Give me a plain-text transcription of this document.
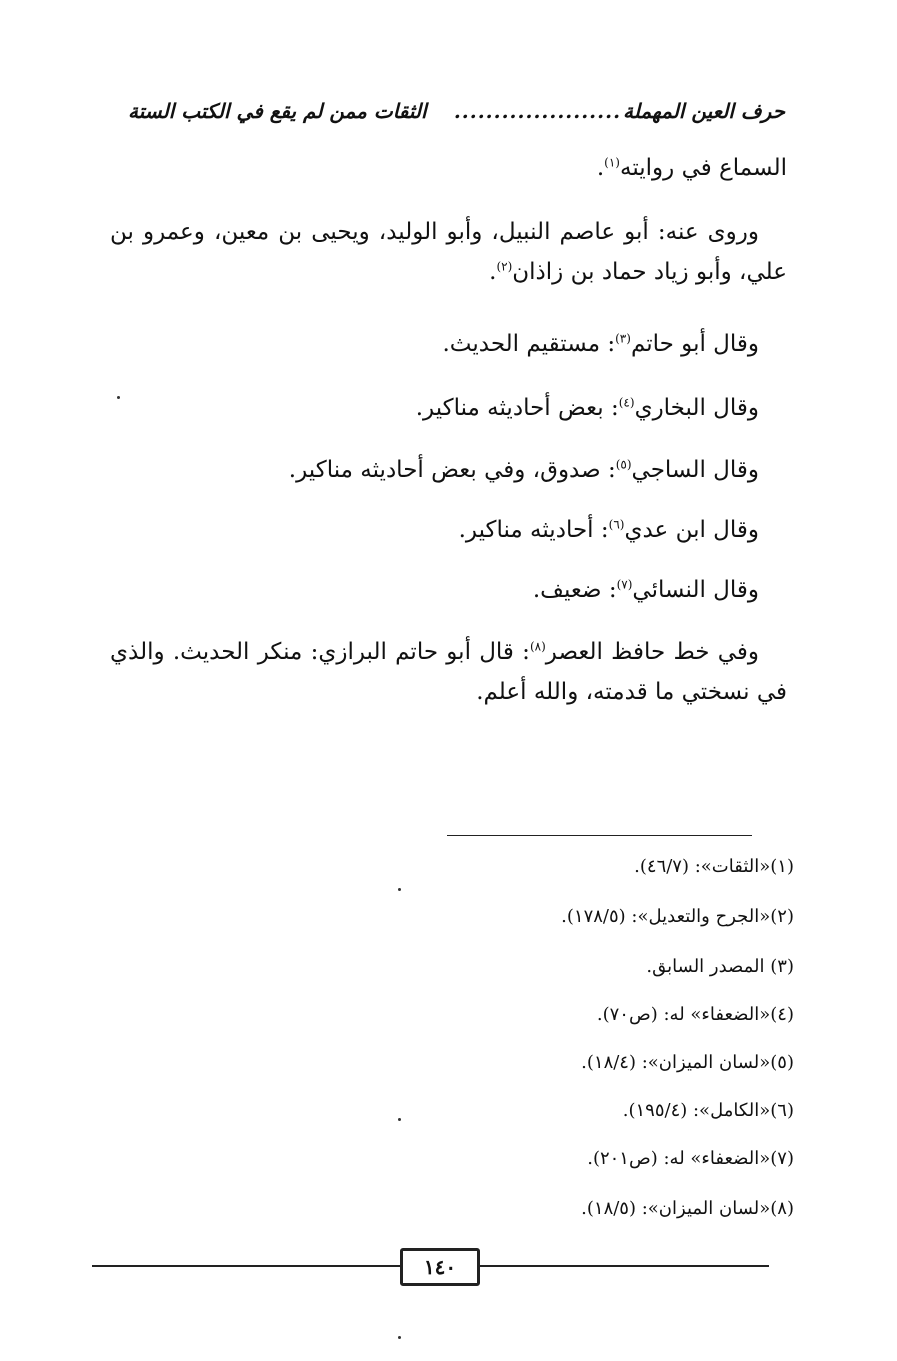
حرف العين المهملة
.....................
الثقات ممن لم يقع في الكتب الستة

السماع في روايته$^{(١)}$.

وروى عنه: أبو عاصم النبيل، وأبو الوليد، ويحيى بن معين، وعمرو بن علي، وأبو زياد حماد بن زاذان$^{(٢)}$.

وقال أبو حاتم$^{(٣)}$: مستقيم الحديث.

وقال البخاري$^{(٤)}$: بعض أحاديثه مناكير.

وقال الساجي$^{(٥)}$: صدوق، وفي بعض أحاديثه مناكير.

وقال ابن عدي$^{(٦)}$: أحاديثه مناكير.

وقال النسائي$^{(٧)}$: ضعيف.

وفي خط حافظ العصر$^{(٨)}$: قال أبو حاتم البرازي: منكر الحديث. والذي في نسختي ما قدمته، والله أعلم.

(١)«الثقات»: (٤٦/٧).
(٢)«الجرح والتعديل»: (١٧٨/٥).
(٣) المصدر السابق.
(٤)«الضعفاء» له: (ص٧٠).
(٥)«لسان الميزان»: (١٨/٤).
(٦)«الكامل»: (١٩٥/٤).
(٧)«الضعفاء» له: (ص٢٠١).
(٨)«لسان الميزان»: (١٨/٥).
١٤٠
